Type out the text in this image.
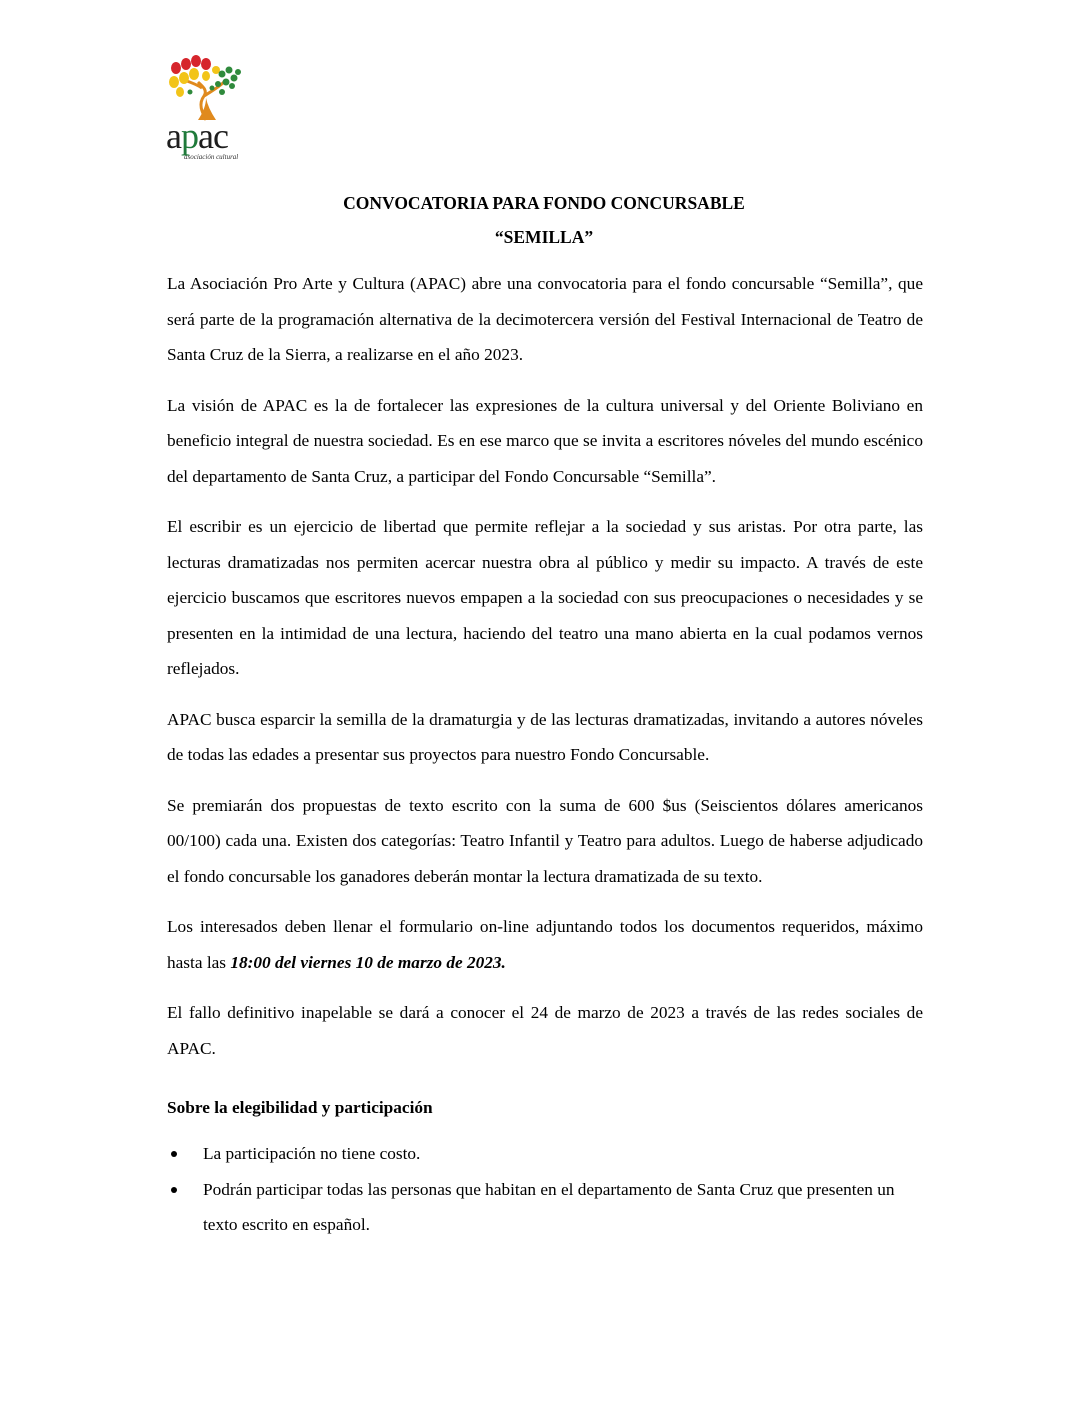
apac
asociación cultural
CONVOCATORIA PARA FONDO CONCURSABLE
“SEMILLA”

La Asociación Pro Arte y Cultura (APAC) abre una convocatoria para el fondo concursable “Semilla”, que será parte de la programación alternativa de la decimotercera versión del Festival Internacional de Teatro de Santa Cruz de la Sierra, a realizarse en el año 2023.

La visión de APAC es la de fortalecer las expresiones de la cultura universal y del Oriente Boliviano en beneficio integral de nuestra sociedad. Es en ese marco que se invita a escritores nóveles del mundo escénico del departamento de Santa Cruz, a participar del Fondo Concursable “Semilla”.

El escribir es un ejercicio de libertad que permite reflejar a la sociedad y sus aristas. Por otra parte, las lecturas dramatizadas nos permiten acercar nuestra obra al público y medir su impacto. A través de este ejercicio buscamos que escritores nuevos empapen a la sociedad con sus preocupaciones o necesidades y se presenten en la intimidad de una lectura, haciendo del teatro una mano abierta en la cual podamos vernos reflejados.

APAC busca esparcir la semilla de la dramaturgia y de las lecturas dramatizadas, invitando a autores nóveles de todas las edades a presentar sus proyectos para nuestro Fondo Concursable.

Se premiarán dos propuestas de texto escrito con la suma de 600 $us (Seiscientos dólares americanos 00/100) cada una. Existen dos categorías: Teatro Infantil y Teatro para adultos. Luego de haberse adjudicado el fondo concursable los ganadores deberán montar la lectura dramatizada de su texto.

Los interesados deben llenar el formulario on-line adjuntando todos los documentos requeridos, máximo hasta las 18:00 del viernes 10 de marzo de 2023.

El fallo definitivo inapelable se dará a conocer el 24 de marzo de 2023 a través de las redes sociales de APAC.

Sobre la elegibilidad y participación
La participación no tiene costo.
Podrán participar todas las personas que habitan en el departamento de Santa Cruz que presenten un texto escrito en español.
